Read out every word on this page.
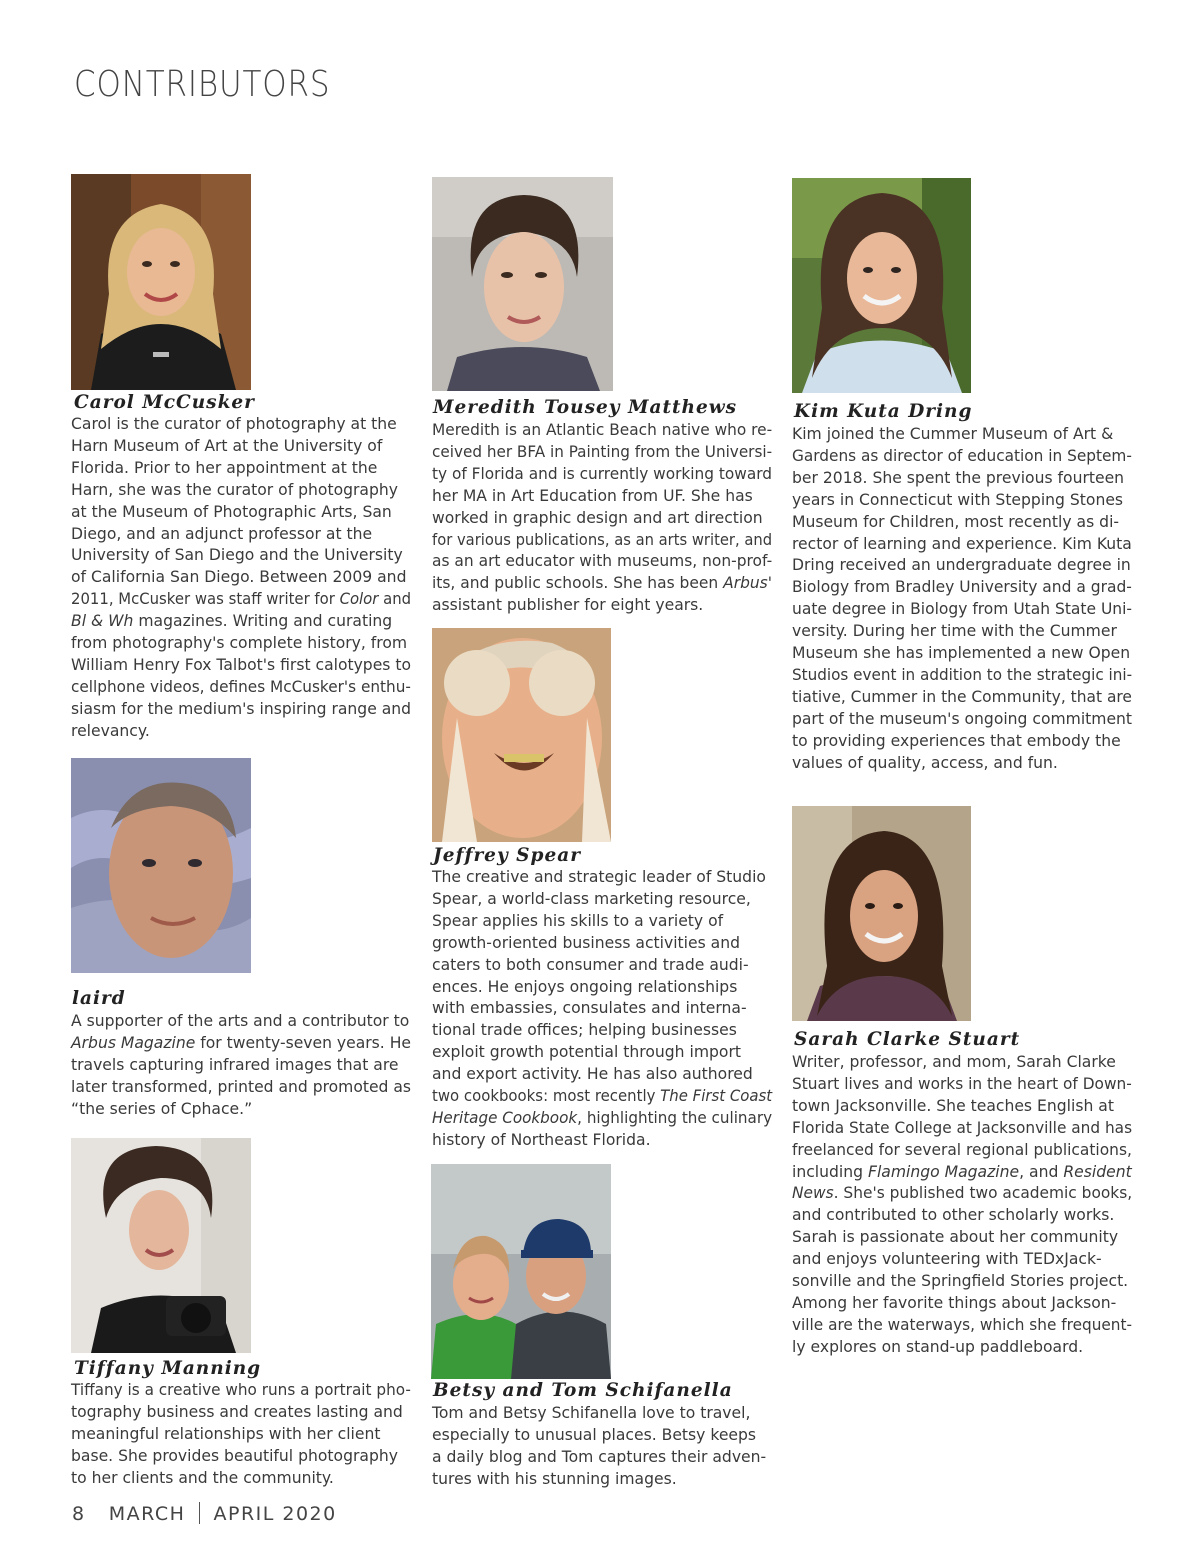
CONTRIBUTORS
Carol McCusker
Carol is the curator of photography at the
Harn Museum of Art at the University of
Florida. Prior to her appointment at the
Harn, she was the curator of photography
at the Museum of Photographic Arts, San
Diego, and an adjunct professor at the
University of San Diego and the University
of California San Diego. Between 2009 and
2011, McCusker was staff writer for Color and
Bl & Wh magazines. Writing and curating
from photography's complete history, from
William Henry Fox Talbot's first calotypes to
cellphone videos, defines McCusker's enthu-
siasm for the medium's inspiring range and
relevancy.
laird
A supporter of the arts and a contributor to
Arbus Magazine for twenty-seven years. He
travels capturing infrared images that are
later transformed, printed and promoted as
“the series of Cphace.”
Tiffany Manning
Tiffany is a creative who runs a portrait pho-
tography business and creates lasting and
meaningful relationships with her client
base. She provides beautiful photography
to her clients and the community.
Meredith Tousey Matthews
Meredith is an Atlantic Beach native who re-
ceived her BFA in Painting from the Universi-
ty of Florida and is currently working toward
her MA in Art Education from UF. She has
worked in graphic design and art direction
for various publications, as an arts writer, and
as an art educator with museums, non-prof-
its, and public schools. She has been Arbus'
assistant publisher for eight years.
Jeffrey Spear
The creative and strategic leader of Studio
Spear, a world-class marketing resource,
Spear applies his skills to a variety of
growth-oriented business activities and
caters to both consumer and trade audi-
ences. He enjoys ongoing relationships
with embassies, consulates and interna-
tional trade offices; helping businesses
exploit growth potential through import
and export activity. He has also authored
two cookbooks: most recently The First Coast
Heritage Cookbook, highlighting the culinary
history of Northeast Florida.
Betsy and Tom Schifanella
Tom and Betsy Schifanella love to travel,
especially to unusual places. Betsy keeps
a daily blog and Tom captures their adven-
tures with his stunning images.
Kim Kuta Dring
Kim joined the Cummer Museum of Art &
Gardens as director of education in Septem-
ber 2018. She spent the previous fourteen
years in Connecticut with Stepping Stones
Museum for Children, most recently as di-
rector of learning and experience. Kim Kuta
Dring received an undergraduate degree in
Biology from Bradley University and a grad-
uate degree in Biology from Utah State Uni-
versity. During her time with the Cummer
Museum she has implemented a new Open
Studios event in addition to the strategic ini-
tiative, Cummer in the Community, that are
part of the museum's ongoing commitment
to providing experiences that embody the
values of quality, access, and fun.
Sarah Clarke Stuart
Writer, professor, and mom, Sarah Clarke
Stuart lives and works in the heart of Down-
town Jacksonville. She teaches English at
Florida State College at Jacksonville and has
freelanced for several regional publications,
including Flamingo Magazine, and Resident
News. She's published two academic books,
and contributed to other scholarly works.
Sarah is passionate about her community
and enjoys volunteering with TEDxJack-
sonville and the Springfield Stories project.
Among her favorite things about Jackson-
ville are the waterways, which she frequent-
ly explores on stand-up paddleboard.
8 MARCH APRIL 2020
